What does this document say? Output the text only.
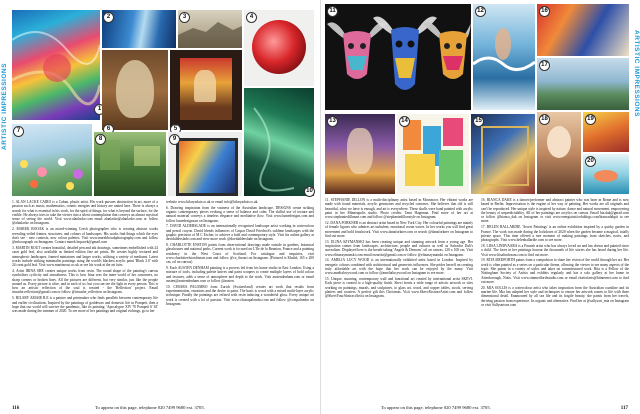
ARTISTIC IMPRESSIONS	1
2	3	4
5
6
7
8	9
10

1. ALAN LACKE CAIRO is a Cuban, plastic artist. His work pursues abstraction in art, more of a passion such as music, mathematics, cosmic energies and history are united here. There is always a search for what is essential in his work, for the spirit of things, for what is beyond the surface, for the visible. He always tries to take the viewer into a silent contemplation that conveys an almost mystical sense of seeing the world. Visit www.alanlacke.com email alanlacke@alanlacke.com or follow @alanlacke on Instagram.

2. MAREK BOOAK is an award-winning Czech photographer who is creating abstract works revealing veiled frames, structures, and colours of landscapes. His works find things which the eyes don't see - new contexts, new colour palettes. Visit www.marekbocakphotography.com and follow @mbocagraph on Instagram. Contact marek.bopacek@gmail.com

3. MARTIN ROUT creates beautiful, detailed pen and ink drawings, sometimes embellished with 24 carat gold leaf, also available as limited edition fine art prints. He creates highly textured and atmospheric landscapes, framed miniatures and larger works, utilising a variety of mediums. Latest works include striking minimalist paintings using the world's blackest acrylic paint 'Black 3.0' with 24 carat gold leaf. Visit www.martinrout.co.uk or see his work at the art fairs.

4. Artist IRINA SHE creates unique works from resin. The round shape of the painting's canvas symbolises cyclicity and smoothness. This is how Irina sees the inner world of her customers, no sharp corners or broken lines. All the pictures are different, but very similar, just like the people around us. Every picture is alive, and in each of us, but you can see the light in every person. This is how an artistic reflection of the soul is created - the 'Reflection' project. Email irinashe.reflection@gmail.com or follow @irinashe_reflection on Instagram.

5. HILARY AMAIR R.E is a painter and printmaker who finds parallels between contemporary life and earlier civilisations. Inspired by the paintings of goddesses and domestic life in Pompeii, then a hope that our world will survive the pandemic, like its painting. 'Apocalypse XIV 70 Pompeii 6' 63' was made during the summer of 2020. To see more of her paintings and original etchings, go to her

website www.hilaryadair.co.uk or email info@hilaryadair.co.uk.

6. Drawing inspiration from the vastness of the Australian landscape, DESIGNS create striking organic contemporary pieces evoking a sense of balance and calm. The skilful use of texture and natural material conveys a timeless elegance and meditative flow. Visit www.lumedesigns.com and follow lumedesignsart on Instagram.

7. DAVID ALDERSLADE is an internationally recognised landscape artist working in watercolour and pencil crayon. David blends influences of Caspar David Friedrich's sublime landscapes with the graphic precision of M C Escher, to achieve a bold and contemporary style. Visit his online gallery at davidalderslade.com and view more work @davidalderslade on Instagram.

8. CHARLOTTE ENSTON paints from observational drawings made outside in gardens, botanical glasshouses and national parks. Current work is focused on L'Ile de la Reunion, France and a painting residency in the West Coast of Scotland. For catalogue and enquiries, visit www.charlotteelstonfineart.com and follow @ce_fineart on Instagram. (Pictured is Khalid, 165 x 200 cm, oil on canvas)

9. Each AUSTEN DENHAM painting is a process led from his home studio in East London. Using a mixture of tools, including palette knives and paint scrapers to create multiple layers of bold colour and textures, adds a sense of atmosphere and depth to the work. Visit austendenham.com or email austen@austendenham.com or follow @austen.

10. CHIARA PALOMBO from Zurich (Switzerland) creates art work that results from experimentation, emotions and the desire to paint. The basis is wood with a mixed multi-layer acrylic technique. Finally the paintings are refined with resin inducing a wonderful gloss. Every unique art work is created with a lot of passion. Visit www.chiarapalombo.com and follow @ccmpalombo on Instagram.

116	To appear on this page, telephone 020 7499 9680 ext. 3705.
ARTISTIC IMPRESSIONS
11	12	16
17
13	14	15	18	19
20

11. STEPHANIE DILLON is a multi-disciplinary artist based in Mossmoor. Her vibrant works are made with found materials, acrylic gemstones and recycled canvases. She believes that old is still beautiful, what we have is enough, and art is everywhere. These skulls were hand painted with acrylic paint in her Minneapolis studio. Photo credits: Tami Hageman. Find more of her art at www.stephaniedillonart.com and follow @stephaniedillonstyle on Instagram.

12. DANA FORKNER is an abstract artist based in New York City. Her colourful paintings are mainly of female figures who admires art turbulent, emotional ocean waves. In her works you will find great movement and bold brushwork. Visit www.danaforkner.com or search @danaforkner on Instagram to find out more.

13. ELINA SZYMANSKI has been creating unique and stunning artwork from a young age. Her inspiration comes from landscapes, architecture, people and cultures as well as Salvador Dali's surrealism. Displayed here is the breath-taking 'Angels & Demons', oil on canvas, 120 x 100 cm. Visit www.elinaszymanski.com email rezartist@gmail.com or follow @elinaszymanski on Instagram.

14. AMELIA LUCY WOOD is an internationally exhibited artist based in London. Inspired by energetic colours combined with architectural and geometric influences. She prides herself on creating truly affordable art with the hope that her work can be enjoyed by the many. Visit www.amelialucywood.com or follow @amelialucywood on Instagram to see more.

15. Unique, stunning, contemporary wall and functional art created by international artist SKEVI. Each piece is created to a high-quality finish. Skevi fronts a wide range of artistic artwork or sites working on paintings, murals, and sculptures, to glass art, wood, and copper tables, stools, serving platters and coasters. A perfect gift this Christmas. Visit www.SkeviAbstractArtist.com and follow @SkeviYourAbstractArtist on Instagram.

16. BIANCA DAKE is a dancer/performer and abstract painter who was born in Rome and is now based in Berlin. Improvisation is the engine of her way of painting. Her works are all originals and can't be reproduced. Her unique style is inspired by nature, dance and natural movement, empowering the beauty of unpredictability. All of her paintings are acrylics on canvas. Email bia.dak@gmail.com or follow @bianca_dak on Instagram or visit www.energiatutti.edublogs.com/biancadakpit to see more.

17. HELEN BALLARDIE. 'Secret Paintings' is an online exhibition inspired by a quirky garden in France. The work was made during the lockdown of 2020 when the garden became a magical, totally private space. This time offered a rare moment of making paintings from sketches, notes, and photographs. Visit www.helenballardie.com to see more.

18. LIISA LINDVAARA is a Finnish artist who has always loved art and has drawn and painted since a child. The faces in her paintings honour the thousands of life stories she has heard during her life. Visit www.liisalindvaara.com to find out more.

19. RITA MEDFORTH paints from a compulsion to share her vision of the world through her art. Her work is often painted as a series on a particular theme, allowing the viewer to see many aspects of the topic. She paints in a variety of styles and takes on commissioned work. Rita is a Fellow of the Nottingham Society of Artists and exhibits regularly and has a solo gallery at her home in Attenborough, Notts. Visit www.ritamedforthstudio.com or email ritaforfarts@btinternet.com to find out more.

20. MIA SOLLIS is a watercolour artist who takes inspiration from the Australian coastline and its marine life. Mia has adapted her style and techniques to ensure her artwork comes to life with three dimensional detail. Enamoured by all sea life and its fragile beauty, she paints from her travels, deriving passion from experience. Its organic and alternative. Find her at @sallysart_mia on Instagram or visit Sallysartsea.com

To appear on this page, telephone 020 7499 9680 ext. 3705.	117
